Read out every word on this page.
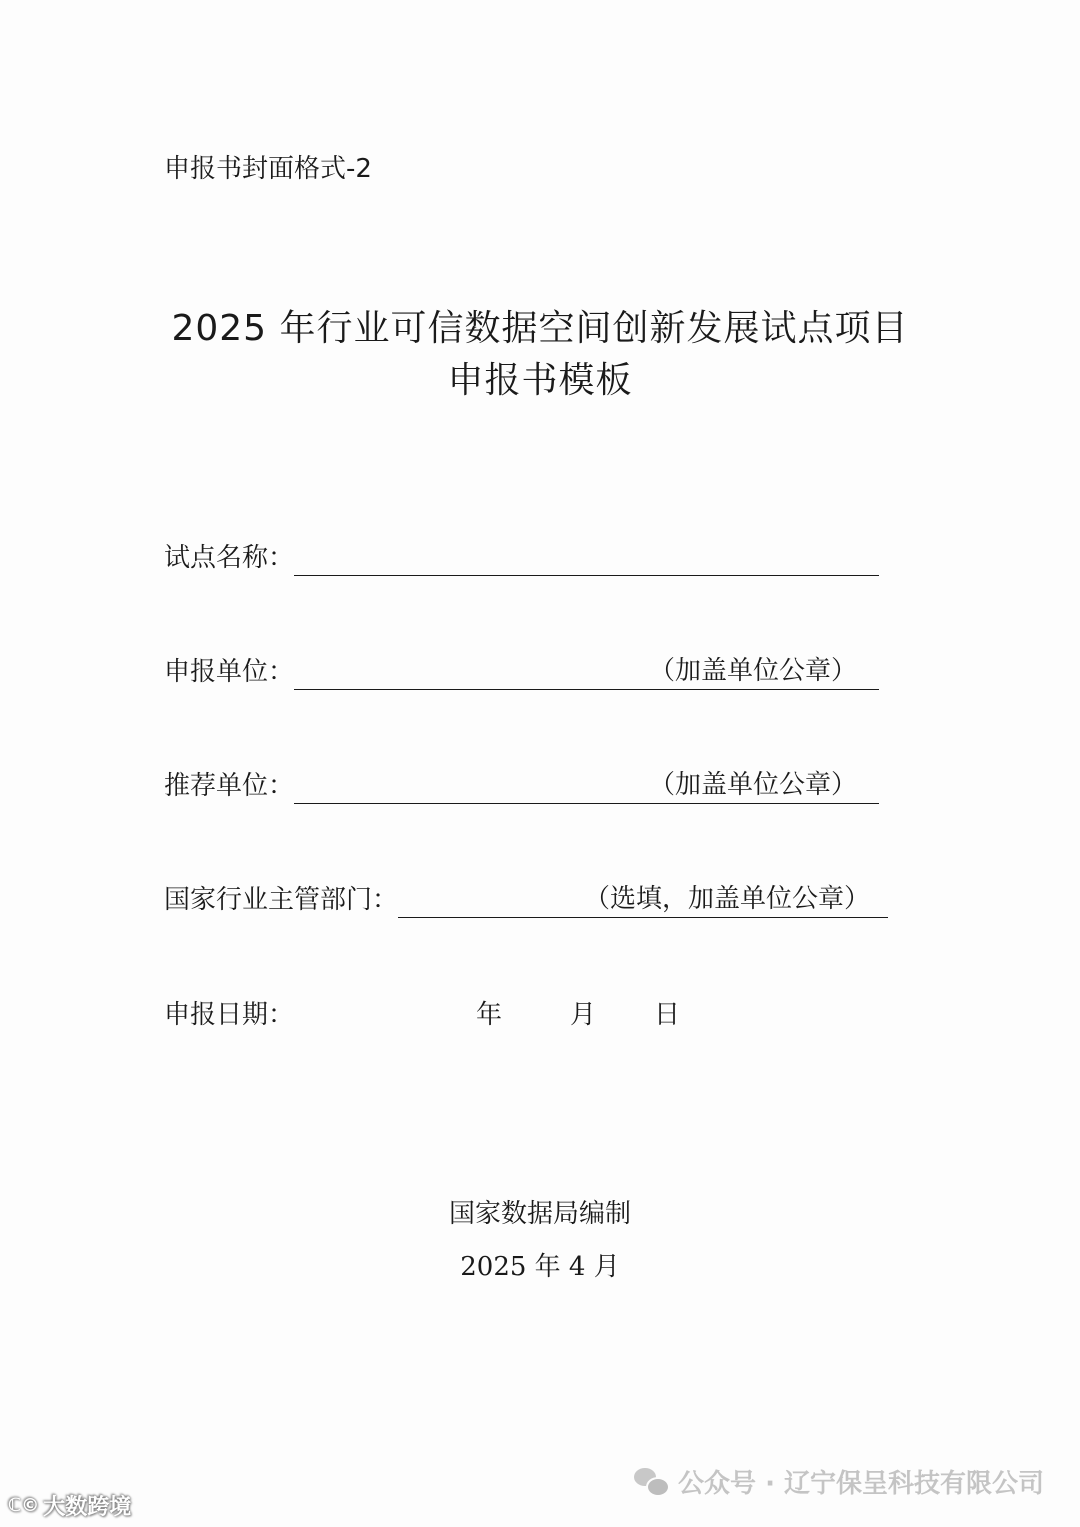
申报书封面格式-2
2025 年行业可信数据空间创新发展试点项目
申报书模板
试点名称：
申报单位：	（加盖单位公章）
推荐单位：	（加盖单位公章）
国家行业主管部门：	（选填，加盖单位公章）
申报日期：	年	月 日
国家数据局编制
2025 年 4 月
ℂ© 大数跨境
公众号 · 辽宁保呈科技有限公司
